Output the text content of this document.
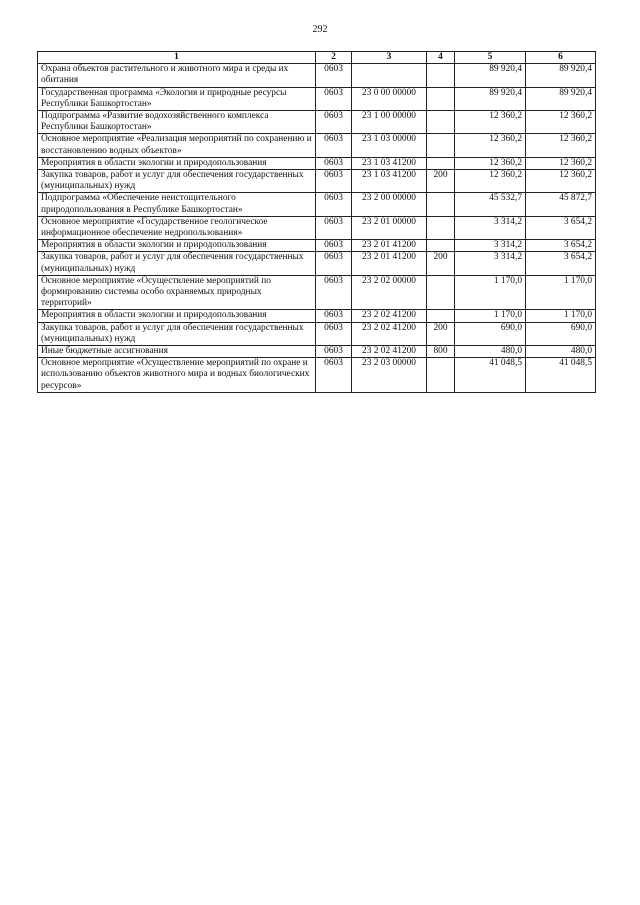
292
1	2	3	4	5	6
Охрана объектов растительного и животного мира и среды их обитания	0603			89 920,4	89 920,4
Государственная программа «Экология и природные ресурсы Республики Башкортостан»	0603	23 0 00 00000		89 920,4	89 920,4
Подпрограмма «Развитие водохозяйственного комплекса Республики Башкортостан»	0603	23 1 00 00000		12 360,2	12 360,2
Основное мероприятие «Реализация мероприятий по сохранению и восстановлению водных объектов»	0603	23 1 03 00000		12 360,2	12 360,2
Мероприятия в области экологии и природопользования	0603	23 1 03 41200		12 360,2	12 360,2
Закупка товаров, работ и услуг для обеспечения государственных (муниципальных) нужд	0603	23 1 03 41200	200	12 360,2	12 360,2
Подпрограмма «Обеспечение неистощительного природопользования в Республике Башкортостан»	0603	23 2 00 00000		45 532,7	45 872,7
Основное мероприятие «Государственное геологическое информационное обеспечение недропользования»	0603	23 2 01 00000		3 314,2	3 654,2
Мероприятия в области экологии и природопользования	0603	23 2 01 41200		3 314,2	3 654,2
Закупка товаров, работ и услуг для обеспечения государственных (муниципальных) нужд	0603	23 2 01 41200	200	3 314,2	3 654,2
Основное мероприятие «Осуществление мероприятий по формированию системы особо охраняемых природных территорий»	0603	23 2 02 00000		1 170,0	1 170,0
Мероприятия в области экологии и природопользования	0603	23 2 02 41200		1 170,0	1 170,0
Закупка товаров, работ и услуг для обеспечения государственных (муниципальных) нужд	0603	23 2 02 41200	200	690,0	690,0
Иные бюджетные ассигнования	0603	23 2 02 41200	800	480,0	480,0
Основное мероприятие «Осуществление мероприятий по охране и использованию объектов животного мира и водных биологических ресурсов»	0603	23 2 03 00000		41 048,5	41 048,5
